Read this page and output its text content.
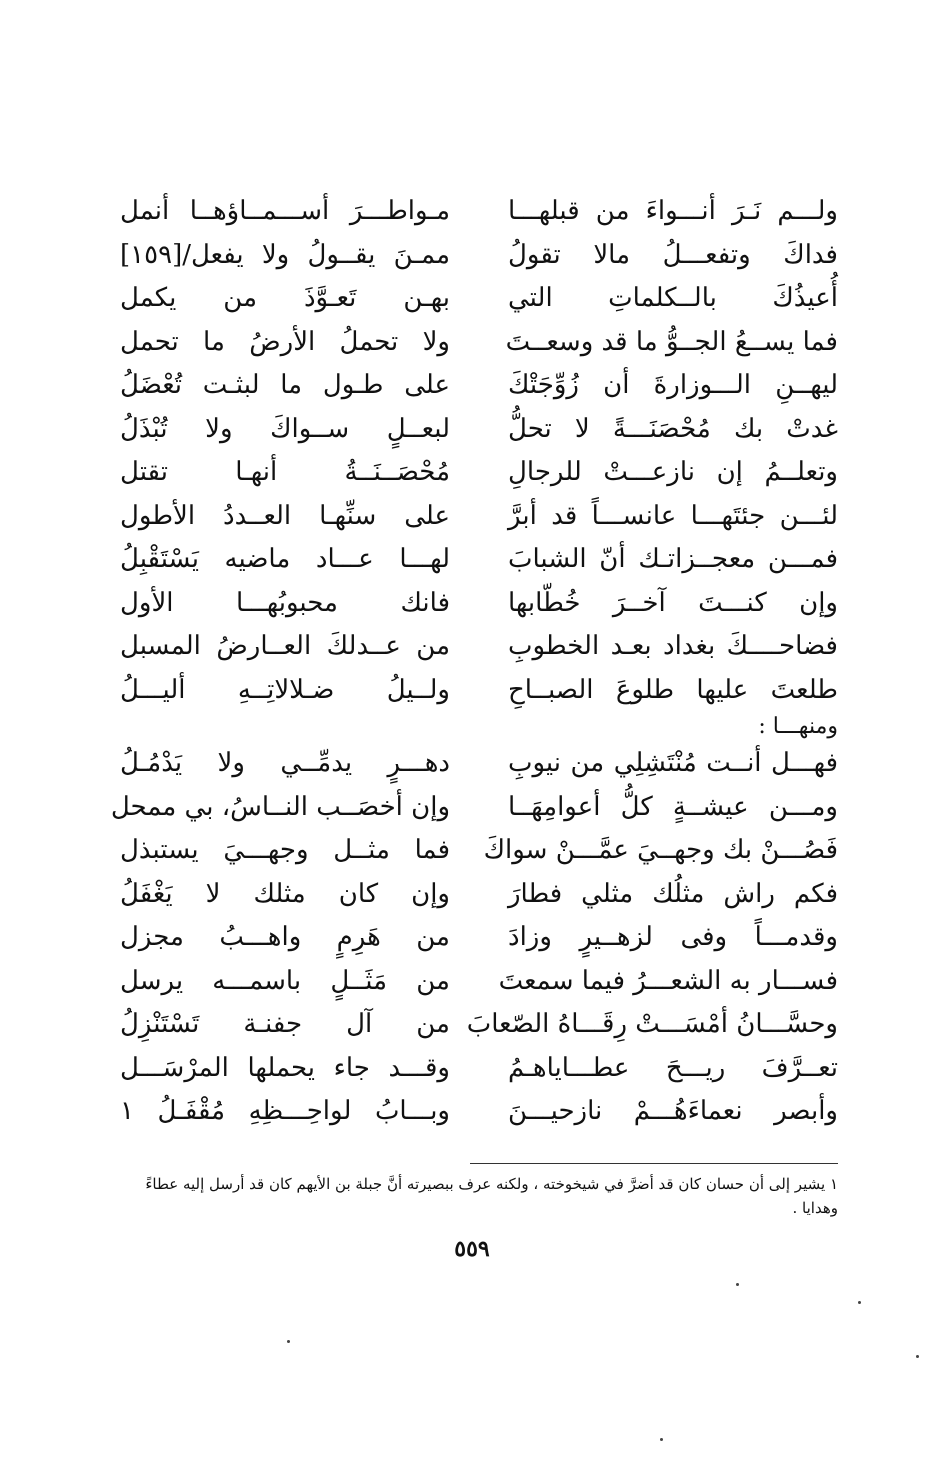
ولـــم نَـرَ أنـــواءَ من قبلهـــا
مـواطـــرَ أســـمــاؤهــا أنمل
فداكَ وتفعـــلُ مالا تقولُ
ممـنَ يقــولُ ولا يفعل/[١٥٩]
أُعيذُكَ بالــكلماتِ التي
بهـن تَعـوَّذَ من يكمل
فما يســعُ الجــوُّ ما قد وسعــتَ
ولا تحملُ الأرضُ ما تحمل
ليهــنِ الـــوزارةَ أن زُوِّجَتْكَ
على طـول ما لبثـت تُعْضَلُ
غدتْ بك مُحْصَنَـــةً لا تحلُّ
لبعــلٍ ســواكَ ولا تُبْذَلُ
وتعلــمُ إن نازعـــتْ للرجالِ
مُحْصَــنَــةُ أنهـا تقتل
لئـــن جئتَهـــا عانســـاً قد أبرَّ
على سنِّهـا العــددُ الأطول
فمـــن معجــزاتـك أنّ الشبابَ
لهـــا عـــاد ماضيه يَسْتَقْبِلُ
وإن كنـــتَ آخــرَ خُطّابها
فانك محبوبُهـــا الأول
فضاحــــكَ بغداد بعـد الخطوبِ
من عــدلكَ العــارضُ المسبل
طلعتَ عليها طلوعَ الصبــاحِ
ولــيلُ ضـلالاتِــهِ أليـــلُ
ومنهـــا :
فهـــل أنــت مُنْتَشِلِي من نيوبِ
دهـــرٍ يدمِّــي ولا يَدْمُـلُ
ومـــن عيشــةٍ كلُّ أعوامِهَــا
وإن أخصَــب النــاسُ، بي ممحل
فَصُـــنْ بك وجهــيَ عمَّـــنْ سواكَ
فما مثــل وجهـــيَ يستبذل
فكم راش مثلُك مثلي فطارَ
وإن كان مثلك لا يَغْفَلُ
وقدمـــاً وفى لزهــيرٍ وزادَ
من هَرِمٍ واهـــبُ مجزل
فســـار به الشعـــرُ فيما سمعتَ
من مَثَــلٍ باسمـــه يرسل
وحسَّـــانُ أمْسَـــتْ رِقَـــاهُ الصّعابَ
من آل جفنـة تَسْتَنْزِلُ
تعــرَّفَ ريـــحَ عطـــاياهـمُ
وقـــد جاء يحملها المرْسَـــل
وأبصر نعماءَهُـــمْ نازحيـــنَ
وبـــابُ لواحِـــظِهِ مُقْفَـلُ ١
١ يشير إلى أن حسان كان قد أضرَّ في شيخوخته ، ولكنه عرف ببصيرته أنَّ جبلة بن الأيهم كان قد أرسل إليه عطاءً وهدايا .
٥٥٩
